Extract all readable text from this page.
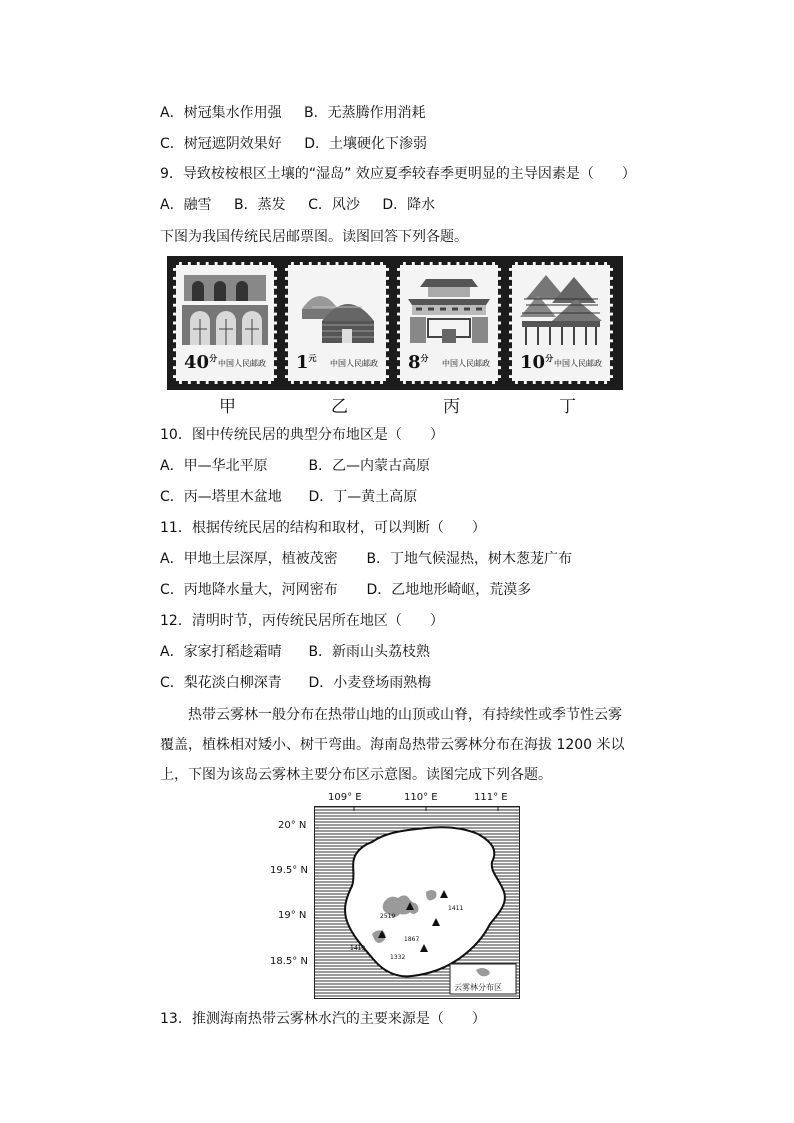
A．树冠集水作用强 B．无蒸腾作用消耗
C．树冠遮阴效果好 D．土壤硬化下渗弱
9．导致桉桉根区土壤的“湿岛” 效应夏季较春季更明显的主导因素是（　　）
A．融雪 B．蒸发 C．风沙 D．降水
下图为我国传统民居邮票图。读图回答下列各题。
$40^分$
中国人民邮政 $1^元$
中国人民邮政 $8^分$
中国人民邮政 $10^分$
中国人民邮政
甲	乙	丙	丁
10．图中传统民居的典型分布地区是（　　）
A．甲—华北平原	B．乙—内蒙古高原
C．丙—塔里木盆地 D．丁—黄土高原
11．根据传统民居的结构和取材，可以判断（　　）
A．甲地土层深厚，植被茂密 B．丁地气候湿热，树木葱茏广布
C．丙地降水量大，河网密布 D．乙地地形崎岖，荒漠多
12．清明时节，丙传统民居所在地区（　　）
A．家家打稻趁霜晴 B．新雨山头荔枝熟
C．梨花淡白柳深青 D．小麦登场雨熟梅
热带云雾林一般分布在热带山地的山顶或山脊，有持续性或季节性云雾覆盖，植株相对矮小、树干弯曲。海南岛热带云雾林分布在海拔 1200 米以上，下图为该岛云雾林主要分布区示意图。读图完成下列各题。
109° E	110° E	111° E
20° N
19.5° N
19° N
18.5° N
1411
2519
1867
1413
1332
云雾林分布区
13．推测海南热带云雾林水汽的主要来源是（　　）
